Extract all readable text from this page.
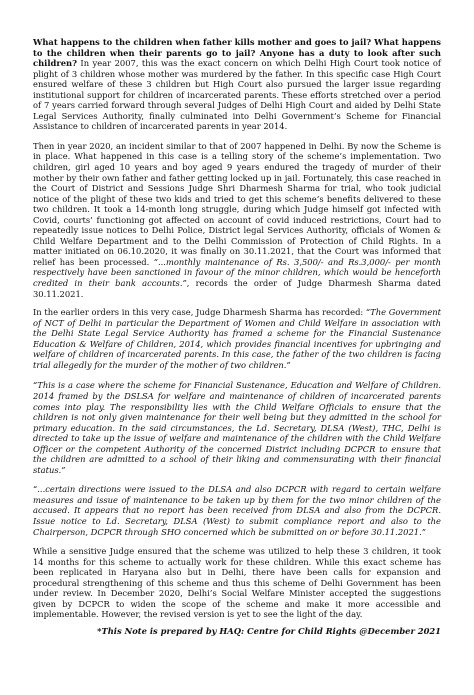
What happens to the children when father kills mother and goes to jail? What happens to the children when their parents go to jail? Anyone has a duty to look after such children? In year 2007, this was the exact concern on which Delhi High Court took notice of plight of 3 children whose mother was murdered by the father. In this specific case High Court ensured welfare of these 3 children but High Court also pursued the larger issue regarding institutional support for children of incarcerated parents. These efforts stretched over a period of 7 years carried forward through several Judges of Delhi High Court and aided by Delhi State Legal Services Authority, finally culminated into Delhi Government’s Scheme for Financial Assistance to children of incarcerated parents in year 2014.

Then in year 2020, an incident similar to that of 2007 happened in Delhi. By now the Scheme is in place. What happened in this case is a telling story of the scheme’s implementation. Two children, girl aged 10 years and boy aged 9 years endured the tragedy of murder of their mother by their own father and father getting locked up in jail. Fortunately, this case reached in the Court of District and Sessions Judge Shri Dharmesh Sharma for trial, who took judicial notice of the plight of these two kids and tried to get this scheme’s benefits delivered to these two children. It took a 14-month long struggle, during which Judge himself got infected with Covid, courts’ functioning got affected on account of covid induced restrictions, Court had to repeatedly issue notices to Delhi Police, District legal Services Authority, officials of Women & Child Welfare Department and to the Delhi Commission of Protection of Child Rights. In a matter initiated on 06.10.2020, it was finally on 30.11.2021, that the Court was informed that relief has been processed. “...monthly maintenance of Rs. 3,500/- and Rs.3,000/- per month respectively have been sanctioned in favour of the minor children, which would be henceforth credited in their bank accounts.”, records the order of Judge Dharmesh Sharma dated 30.11.2021.

In the earlier orders in this very case, Judge Dharmesh Sharma has recorded: “The Government of NCT of Delhi in particular the Department of Women and Child Welfare in association with the Delhi State Legal Service Authority has framed a scheme for the Financial Sustenance Education & Welfare of Children, 2014, which provides financial incentives for upbringing and welfare of children of incarcerated parents. In this case, the father of the two children is facing trial allegedly for the murder of the mother of two children.”

“This is a case where the scheme for Financial Sustenance, Education and Welfare of Children. 2014 framed by the DSLSA for welfare and maintenance of children of incarcerated parents comes into play. The responsibility lies with the Child Welfare Officials to ensure that the children is not only given maintenance for their well being but they admitted in the school for primary education. In the said circumstances, the Ld. Secretary, DLSA (West), THC, Delhi is directed to take up the issue of welfare and maintenance of the children with the Child Welfare Officer or the competent Authority of the concerned District including DCPCR to ensure that the children are admitted to a school of their liking and commensurating with their financial status.”

“...certain directions were issued to the DLSA and also DCPCR with regard to certain welfare measures and issue of maintenance to be taken up by them for the two minor children of the accused. It appears that no report has been received from DLSA and also from the DCPCR. Issue notice to Ld. Secretary, DLSA (West) to submit compliance report and also to the Chairperson, DCPCR through SHO concerned which be submitted on or before 30.11.2021.”

While a sensitive Judge ensured that the scheme was utilized to help these 3 children, it took 14 months for this scheme to actually work for these children. While this exact scheme has been replicated in Haryana also but in Delhi, there have been calls for expansion and procedural strengthening of this scheme and thus this scheme of Delhi Government has been under review. In December 2020, Delhi’s Social Welfare Minister accepted the suggestions given by DCPCR to widen the scope of the scheme and make it more accessible and implementable. However, the revised version is yet to see the light of the day.

*This Note is prepared by HAQ: Centre for Child Rights @December 2021
